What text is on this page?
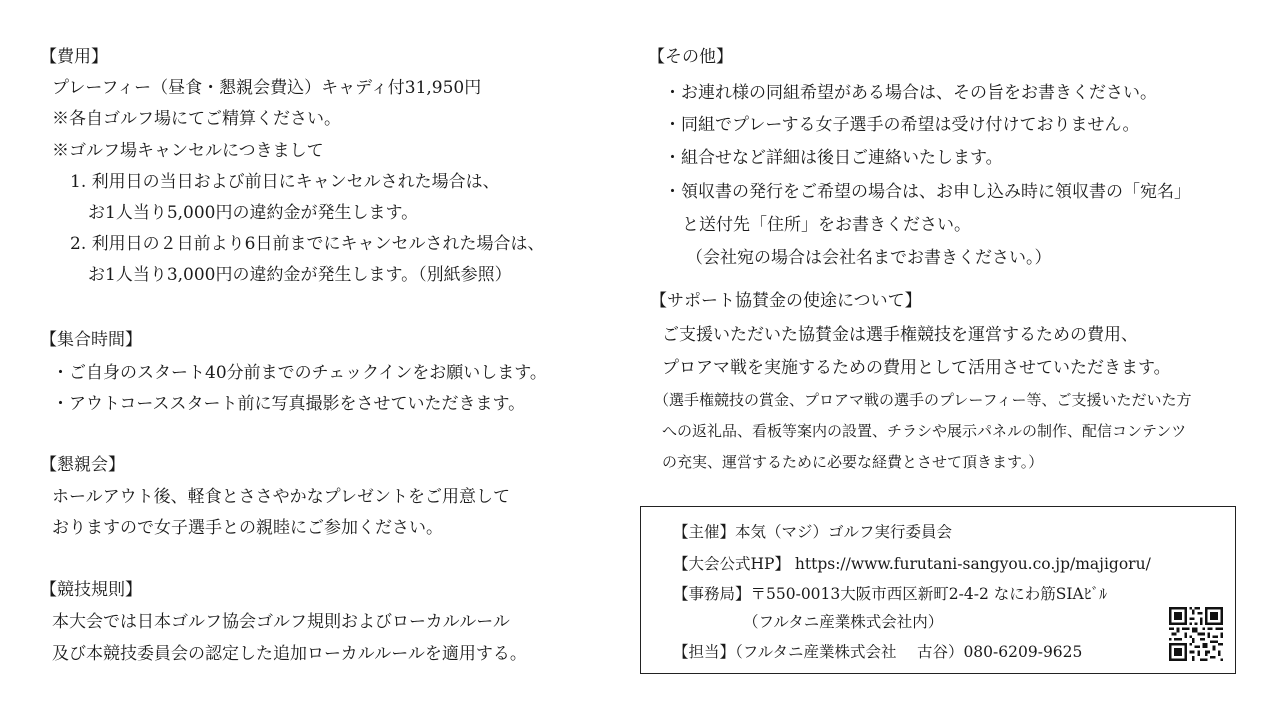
【費用】
プレーフィー（昼食・懇親会費込）キャディ付31,950円
※各自ゴルフ場にてご精算ください。
※ゴルフ場キャンセルにつきまして
1. 利用日の当日および前日にキャンセルされた場合は、
お1人当り5,000円の違約金が発生します。
2. 利用日の２日前より6日前までにキャンセルされた場合は、
お1人当り3,000円の違約金が発生します。（別紙参照）
【集合時間】
・ご自身のスタート40分前までのチェックインをお願いします。
・アウトコーススタート前に写真撮影をさせていただきます。
【懇親会】
ホールアウト後、軽食とささやかなプレゼントをご用意して
おりますので女子選手との親睦にご参加ください。
【競技規則】
本大会では日本ゴルフ協会ゴルフ規則およびローカルルール
及び本競技委員会の認定した追加ローカルルールを適用する。
【その他】
・お連れ様の同組希望がある場合は、その旨をお書きください。
・同組でプレーする女子選手の希望は受け付けておりません。
・組合せなど詳細は後日ご連絡いたします。
・領収書の発行をご希望の場合は、お申し込み時に領収書の「宛名」
と送付先「住所」をお書きください。
（会社宛の場合は会社名までお書きください。）
【サポート協賛金の使途について】
ご支援いただいた協賛金は選手権競技を運営するための費用、
プロアマ戦を実施するための費用として活用させていただきます。
（選手権競技の賞金、プロアマ戦の選手のプレーフィー等、ご支援いただいた方
への返礼品、看板等案内の設置、チラシや展示パネルの制作、配信コンテンツ
の充実、運営するために必要な経費とさせて頂きます。）
【主催】本気（マジ）ゴルフ実行委員会
【大会公式HP】 https://www.furutani-sangyou.co.jp/majigoru/
【事務局】〒550-0013大阪市西区新町2-4-2 なにわ筋SIAﾋﾞﾙ
（フルタニ産業株式会社内）
【担当】（フルタニ産業株式会社　 古谷）080-6209-9625
